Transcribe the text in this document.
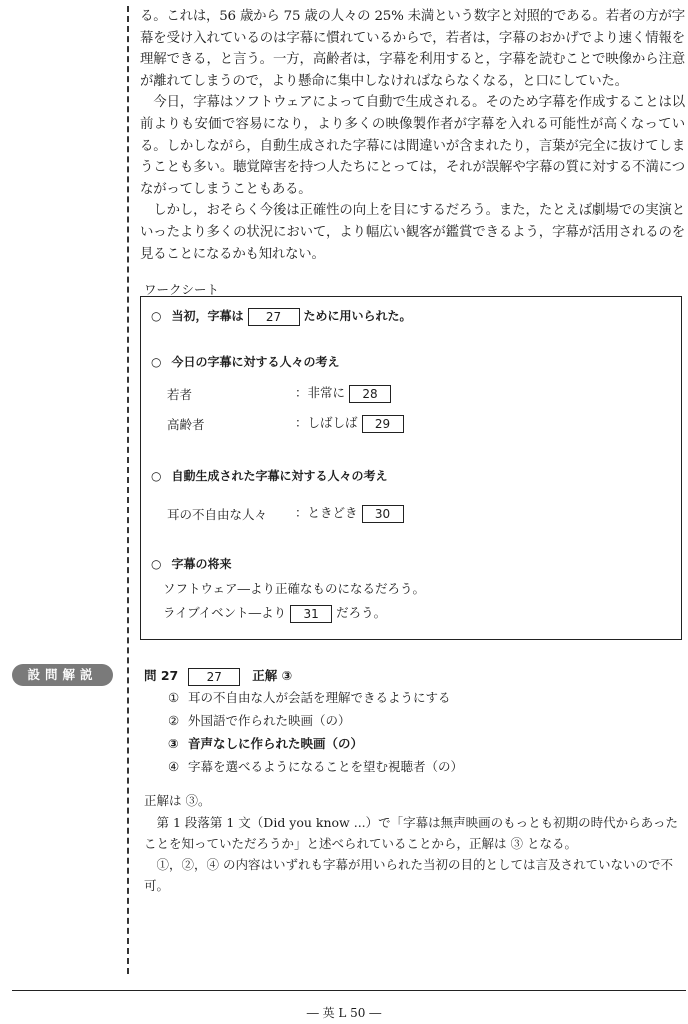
る。これは，56 歳から 75 歳の人々の 25% 未満という数字と対照的である。若者の方が字幕を受け入れているのは字幕に慣れているからで，若者は，字幕のおかげでより速く情報を理解できる，と言う。一方，高齢者は，字幕を利用すると，字幕を読むことで映像から注意が離れてしまうので，より懸命に集中しなければならなくなる，と口にしていた。

　今日，字幕はソフトウェアによって自動で生成される。そのため字幕を作成することは以前よりも安価で容易になり，より多くの映像製作者が字幕を入れる可能性が高くなっている。しかしながら，自動生成された字幕には間違いが含まれたり，言葉が完全に抜けてしまうことも多い。聴覚障害を持つ人たちにとっては，それが誤解や字幕の質に対する不満につながってしまうこともある。

　しかし，おそらく今後は正確性の向上を目にするだろう。また，たとえば劇場での実演といったより多くの状況において，より幅広い観客が鑑賞できるよう，字幕が活用されるのを見ることになるかも知れない。

ワークシート
○ 当初，字幕は 27 ために用いられた。
○ 今日の字幕に対する人々の考え
若者	：非常に 28
高齢者	：しばしば 29
○ 自動生成された字幕に対する人々の考え
耳の不自由な人々 ：ときどき 30
○ 字幕の将来
ソフトウェア―より正確なものになるだろう。
ライブイベント―より 31 だろう。
設問解説	問 27 27 正解 ③
① 耳の不自由な人が会話を理解できるようにする
② 外国語で作られた映画（の）
③ 音声なしに作られた映画（の）
④ 字幕を選べるようになることを望む視聴者（の）
正解は ③。
　第 1 段落第 1 文（Did you know ...）で「字幕は無声映画のもっとも初期の時代からあったことを知っていただろうか」と述べられていることから，正解は ③ となる。
　①，②，④ の内容はいずれも字幕が用いられた当初の目的としては言及されていないので不可。
― 英 L 50 ―
